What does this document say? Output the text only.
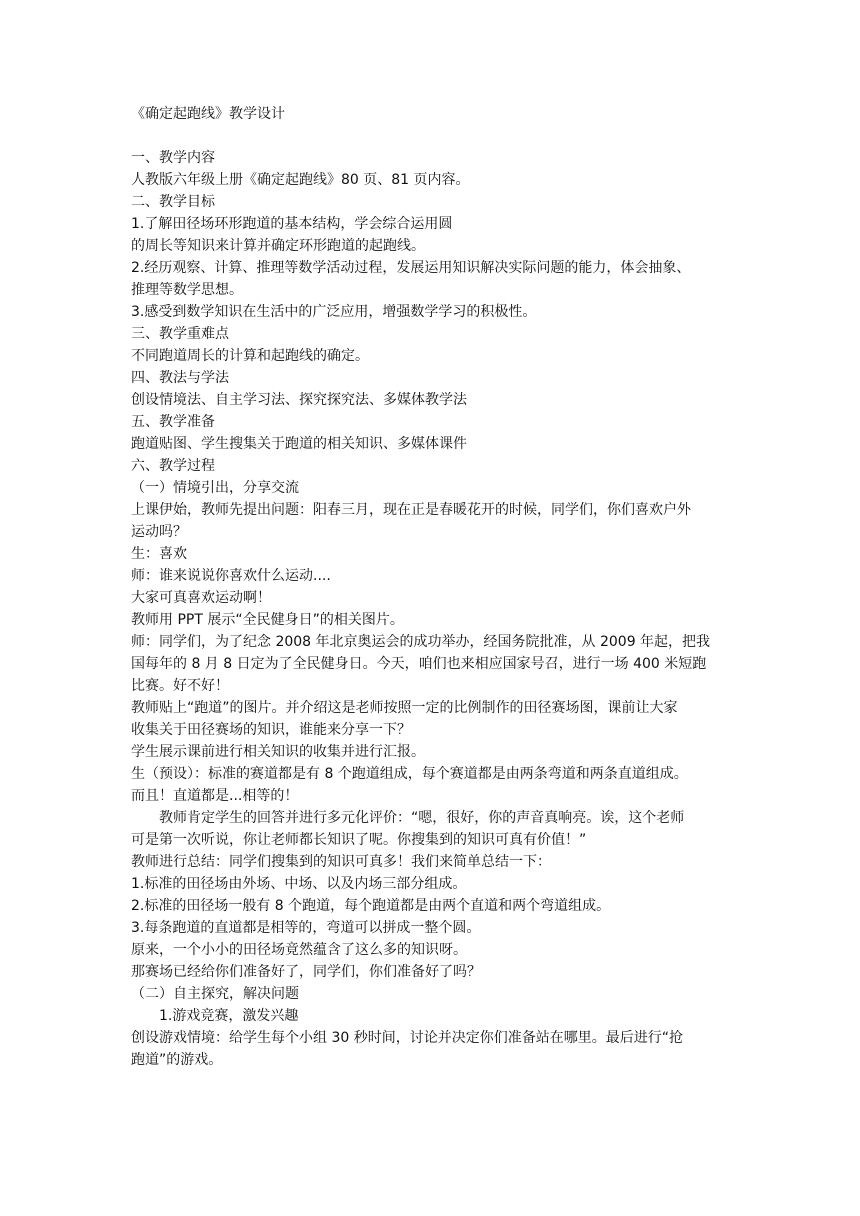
《确定起跑线》教学设计
一、教学内容
人教版六年级上册《确定起跑线》80 页、81 页内容。
二、教学目标
1.了解田径场环形跑道的基本结构，学会综合运用圆
的周长等知识来计算并确定环形跑道的起跑线。
2.经历观察、计算、推理等数学活动过程，发展运用知识解决实际问题的能力，体会抽象、
推理等数学思想。
3.感受到数学知识在生活中的广泛应用，增强数学学习的积极性。
三、教学重难点
不同跑道周长的计算和起跑线的确定。
四、教法与学法
创设情境法、自主学习法、探究探究法、多媒体教学法
五、教学准备
跑道贴图、学生搜集关于跑道的相关知识、多媒体课件
六、教学过程
（一）情境引出，分享交流
上课伊始，教师先提出问题：阳春三月，现在正是春暖花开的时候，同学们，你们喜欢户外
运动吗？
生：喜欢
师：谁来说说你喜欢什么运动....
大家可真喜欢运动啊！
教师用 PPT 展示“全民健身日”的相关图片。
师：同学们，为了纪念 2008 年北京奥运会的成功举办，经国务院批准，从 2009 年起，把我
国每年的 8 月 8 日定为了全民健身日。今天，咱们也来相应国家号召，进行一场 400 米短跑
比赛。好不好！
教师贴上“跑道”的图片。并介绍这是老师按照一定的比例制作的田径赛场图，课前让大家
收集关于田径赛场的知识，谁能来分享一下？
学生展示课前进行相关知识的收集并进行汇报。
生（预设）：标准的赛道都是有 8 个跑道组成，每个赛道都是由两条弯道和两条直道组成。
而且！直道都是...相等的！
教师肯定学生的回答并进行多元化评价：“嗯，很好，你的声音真响亮。诶，这个老师
可是第一次听说，你让老师都长知识了呢。你搜集到的知识可真有价值！”
教师进行总结：同学们搜集到的知识可真多！我们来简单总结一下：
1.标准的田径场由外场、中场、以及内场三部分组成。
2.标准的田径场一般有 8 个跑道，每个跑道都是由两个直道和两个弯道组成。
3.每条跑道的直道都是相等的，弯道可以拼成一整个圆。
原来，一个小小的田径场竟然蕴含了这么多的知识呀。
那赛场已经给你们准备好了，同学们，你们准备好了吗？
（二）自主探究，解决问题
1.游戏竞赛，激发兴趣
创设游戏情境：给学生每个小组 30 秒时间，讨论并决定你们准备站在哪里。最后进行“抢
跑道”的游戏。
